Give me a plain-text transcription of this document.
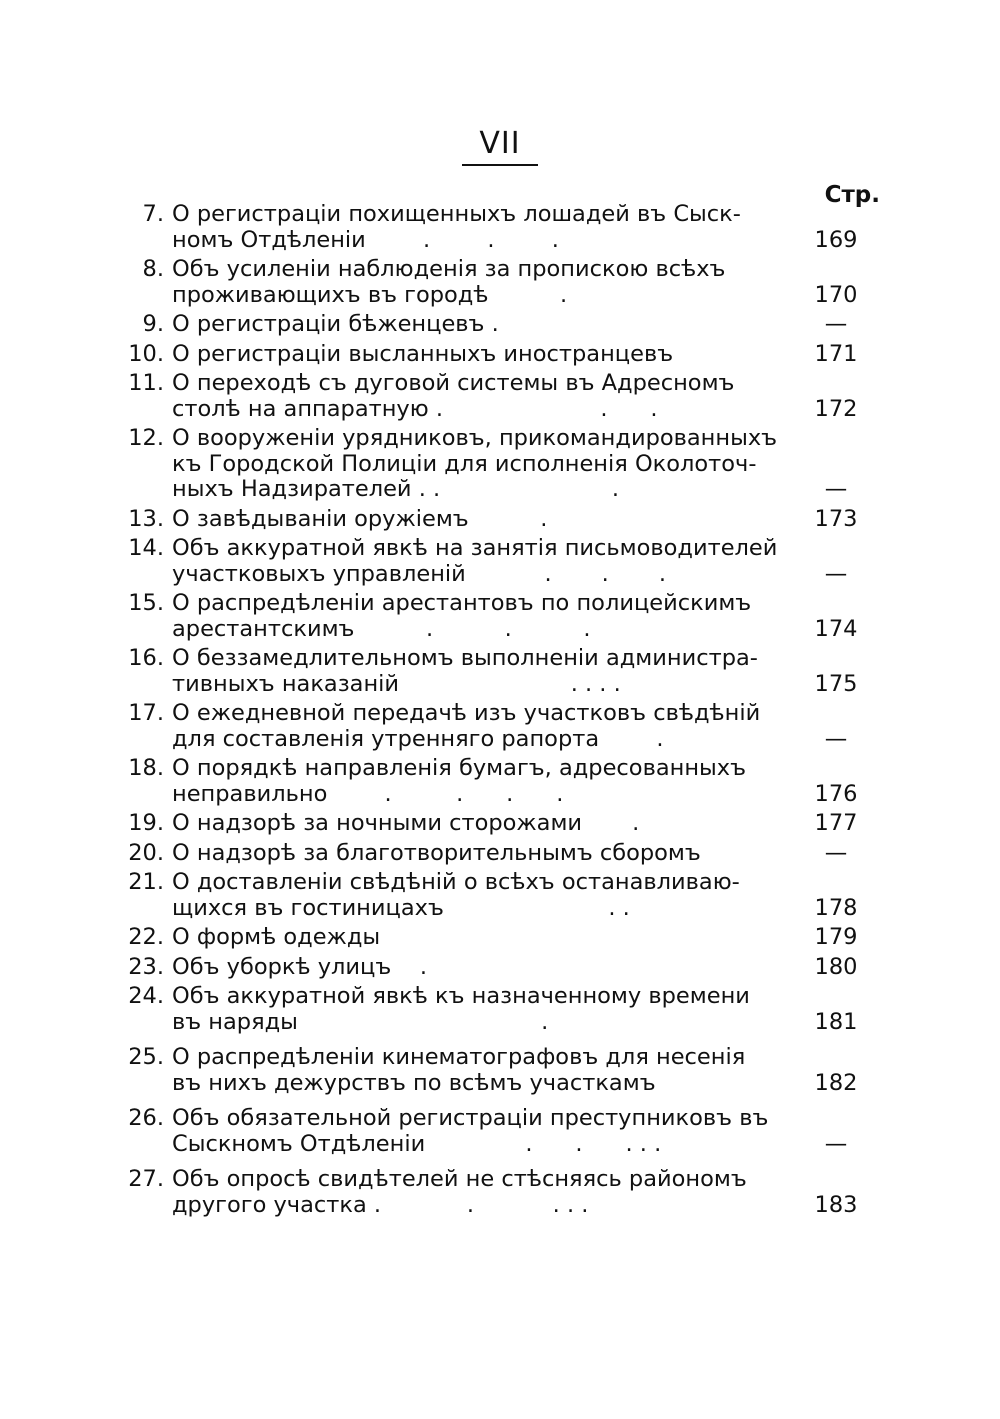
VII
Стр.
7. О регистраціи похищенныхъ лошадей въ Сыск-
номъ Отдѣленіи        .        .        .	169
8. Объ усиленіи наблюденія за пропискою всѣхъ
проживающихъ въ городѣ          .	170
9. О регистраціи бѣженцевъ .	—
10. О регистраціи высланныхъ иностранцевъ	171
11. О переходѣ съ дуговой системы въ Адресномъ
столѣ на аппаратную .                      .      .	172
12. О вооруженіи урядниковъ, прикомандированныхъ
къ Городской Полиціи для исполненія Околоточ-
ныхъ Надзирателей . .                        .	—
13. О завѣдываніи оружіемъ          .	173
14. Объ аккуратной явкѣ на занятія письмоводителей
участковыхъ управленій           .       .       .	—
15. О распредѣленіи арестантовъ по полицейскимъ
арестантскимъ          .          .          .	174
16. О беззамедлительномъ выполненіи администра-
тивныхъ наказаній                        . . . .	175
17. О ежедневной передачѣ изъ участковъ свѣдѣній
для составленія утренняго рапорта        .	—
18. О порядкѣ направленія бумагъ, адресованныхъ
неправильно        .         .      .      .	176
19. О надзорѣ за ночными сторожами       .	177
20. О надзорѣ за благотворительнымъ сборомъ	—
21. О доставленіи свѣдѣній о всѣхъ останавливаю-
щихся въ гостиницахъ                       . .	178
22. О формѣ одежды	179
23. Объ уборкѣ улицъ    .	180
24. Объ аккуратной явкѣ къ назначенному времени
въ наряды                                  .	181
25. О распредѣленіи кинематографовъ для несенія
въ нихъ дежурствъ по всѣмъ участкамъ	182
26. Объ обязательной регистраціи преступниковъ въ
Сыскномъ Отдѣленіи              .      .      . . .	—
27. Объ опросѣ свидѣтелей не стѣсняясь райономъ
другого участка .            .           . . .	183
